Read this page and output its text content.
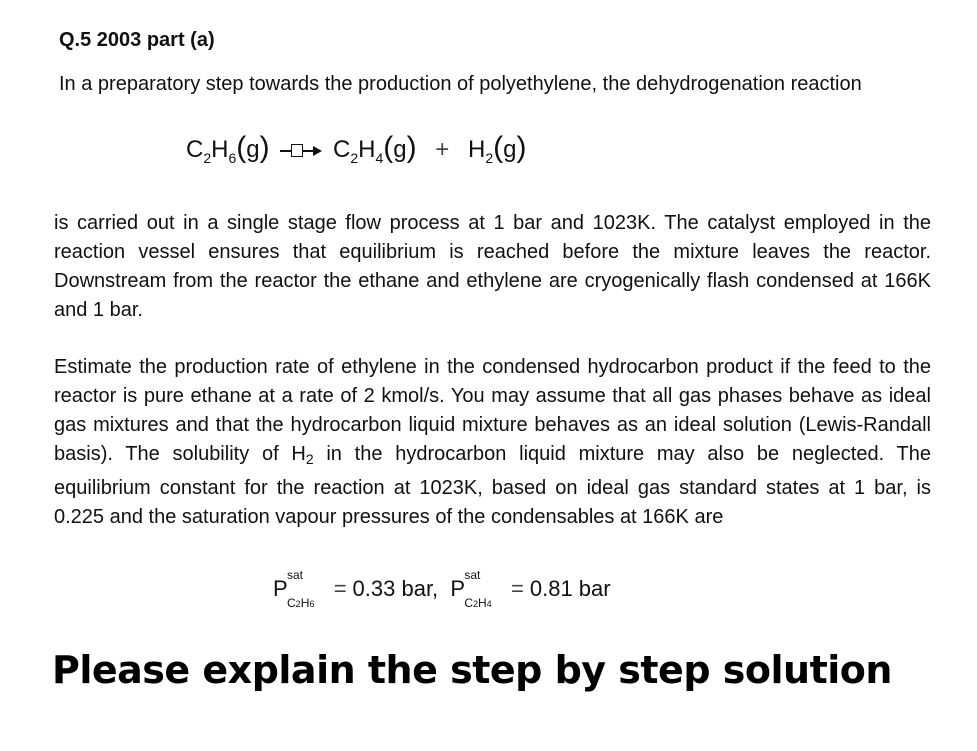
Q.5 2003 part (a)

In a preparatory step towards the production of polyethylene, the dehydrogenation reaction

$C_2H_6(g)$	$C_2H_4(g) + H_2(g)$

is carried out in a single stage flow process at 1 bar and 1023K. The catalyst employed in the reaction vessel ensures that equilibrium is reached before the mixture leaves the reactor. Downstream from the reactor the ethane and ethylene are cryogenically flash condensed at 166K and 1 bar.

Estimate the production rate of ethylene in the condensed hydrocarbon product if the feed to the reactor is pure ethane at a rate of 2 kmol/s. You may assume that all gas phases behave as ideal gas mixtures and that the hydrocarbon liquid mixture behaves as an ideal solution (Lewis-Randall basis). The solubility of $H_2$ in the hydrocarbon liquid mixture may also be neglected. The equilibrium constant for the reaction at 1023K, based on ideal gas standard states at 1 bar, is 0.225 and the saturation vapour pressures of the condensables at 166K are

P
sat
C2H6
= 0.33 bar, P
sat
C2H4
= 0.81 bar
Please explain the step by step solution
